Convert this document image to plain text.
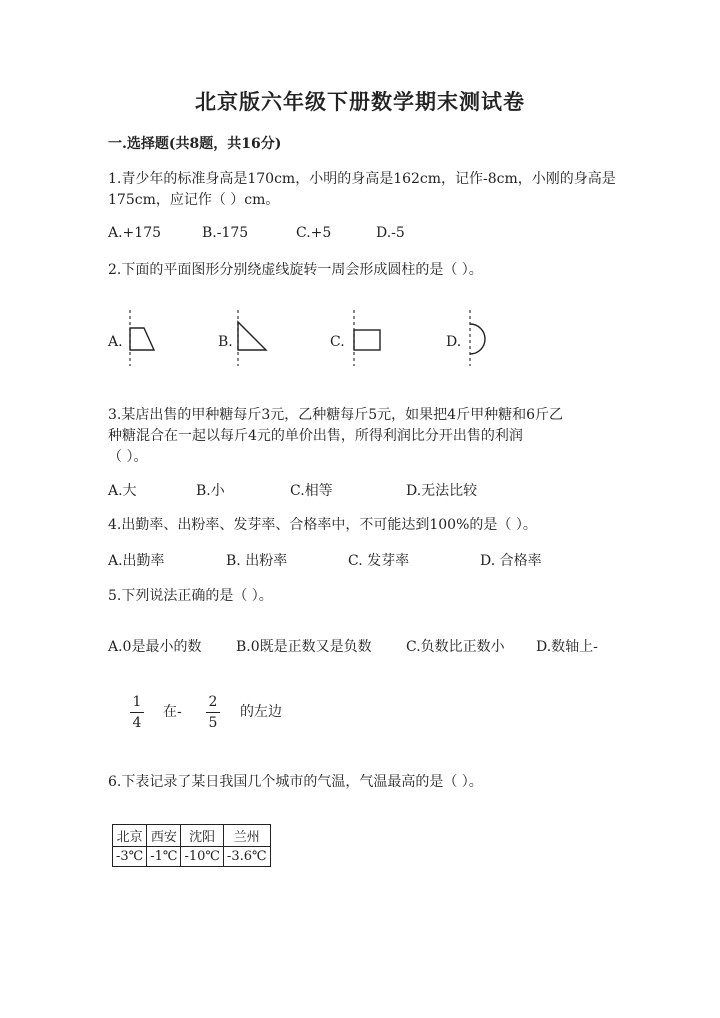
北京版六年级下册数学期末测试卷
一.选择题(共8题，共16分)
1.青少年的标准身高是170cm，小明的身高是162cm，记作-8cm，小刚的身高是
175cm，应记作（ ）cm。
A.+175	B.-175	C.+5	D.-5
2.下面的平面图形分别绕虚线旋转一周会形成圆柱的是（ ）。
A.	B.	C.	D.
3.某店出售的甲种糖每斤3元，乙种糖每斤5元，如果把4斤甲种糖和6斤乙
种糖混合在一起以每斤4元的单价出售，所得利润比分开出售的利润
（ ）。
A.大	B.小	C.相等	D.无法比较
4.出勤率、出粉率、发芽率、合格率中，不可能达到100%的是（ ）。
A.出勤率	B. 出粉率	C. 发芽率	D. 合格率
5.下列说法正确的是（ ）。
A.0是最小的数 B.0既是正数又是负数 C.负数比正数小 D.数轴上-
1
4
在-
2
5
的左边
6.下表记录了某日我国几个城市的气温，气温最高的是（ ）。
北京	西安	沈阳	兰州
-3℃	-1℃	-10℃	-3.6℃
